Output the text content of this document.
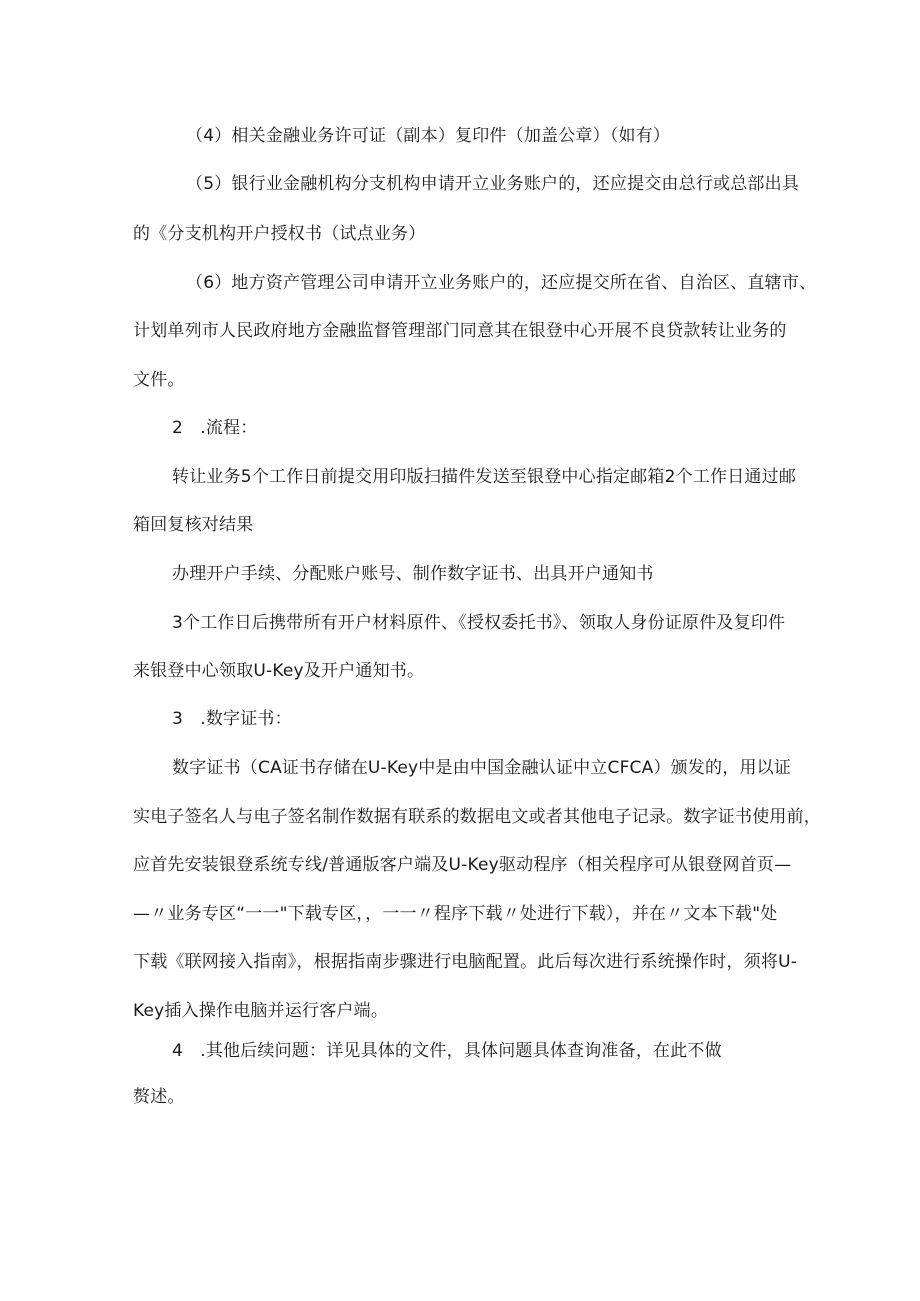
（4）相关金融业务许可证（副本）复印件（加盖公章）（如有）
（5）银行业金融机构分支机构申请开立业务账户的，还应提交由总行或总部出具
的《分支机构开户授权书（试点业务）
（6）地方资产管理公司申请开立业务账户的，还应提交所在省、自治区、直辖市、
计划单列市人民政府地方金融监督管理部门同意其在银登中心开展不良贷款转让业务的
文件。
2　.流程：
转让业务5个工作日前提交用印版扫描件发送至银登中心指定邮箱2个工作日通过邮
箱回复核对结果
办理开户手续、分配账户账号、制作数字证书、出具开户通知书
3个工作日后携带所有开户材料原件、《授权委托书》、领取人身份证原件及复印件
来银登中心领取U-Key及开户通知书。
3　.数字证书：
数字证书（CA证书存储在U-Key中是由中国金融认证中立CFCA）颁发的，用以证
实电子签名人与电子签名制作数据有联系的数据电文或者其他电子记录。数字证书使用前，
应首先安装银登系统专线/普通版客户端及U-Key驱动程序（相关程序可从银登网首页—
—〃业务专区“一一"下载专区，，一一〃程序下载〃处进行下载），并在〃文本下载"处
下载《联网接入指南》，根据指南步骤进行电脑配置。此后每次进行系统操作时，须将U-
Key插入操作电脑并运行客户端。
4　.其他后续问题：详见具体的文件，具体问题具体查询准备，在此不做
赘述。
